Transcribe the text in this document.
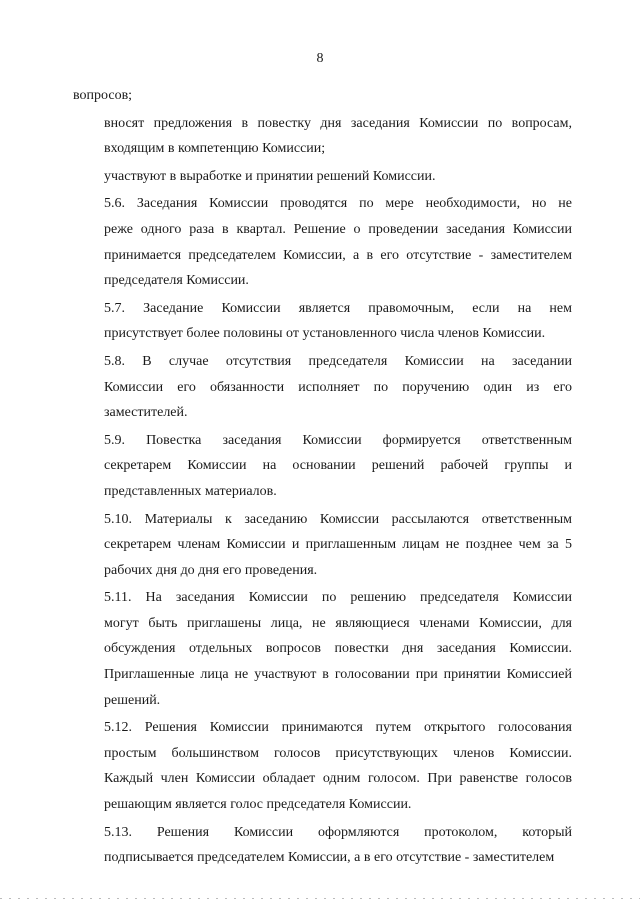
8
вопросов;
вносят предложения в повестку дня заседания Комиссии по вопросам,
входящим в компетенцию Комиссии;
участвуют в выработке и принятии решений Комиссии.
5.6. Заседания Комиссии проводятся по мере необходимости, но не
реже одного раза в квартал. Решение о проведении заседания Комиссии
принимается председателем Комиссии, а в его отсутствие - заместителем
председателя Комиссии.
5.7. Заседание Комиссии является правомочным, если на нем
присутствует более половины от установленного числа членов Комиссии.
5.8. В случае отсутствия председателя Комиссии на заседании
Комиссии его обязанности исполняет по поручению один из его
заместителей.
5.9. Повестка заседания Комиссии формируется ответственным
секретарем Комиссии на основании решений рабочей группы и
представленных материалов.
5.10. Материалы к заседанию Комиссии рассылаются ответственным
секретарем членам Комиссии и приглашенным лицам не позднее чем за 5
рабочих дня до дня его проведения.
5.11. На заседания Комиссии по решению председателя Комиссии
могут быть приглашены лица, не являющиеся членами Комиссии, для
обсуждения отдельных вопросов повестки дня заседания Комиссии.
Приглашенные лица не участвуют в голосовании при принятии Комиссией
решений.
5.12. Решения Комиссии принимаются путем открытого голосования
простым большинством голосов присутствующих членов Комиссии.
Каждый член Комиссии обладает одним голосом. При равенстве голосов
решающим является голос председателя Комиссии.
5.13. Решения Комиссии оформляются протоколом, который
подписывается председателем Комиссии, а в его отсутствие - заместителем
